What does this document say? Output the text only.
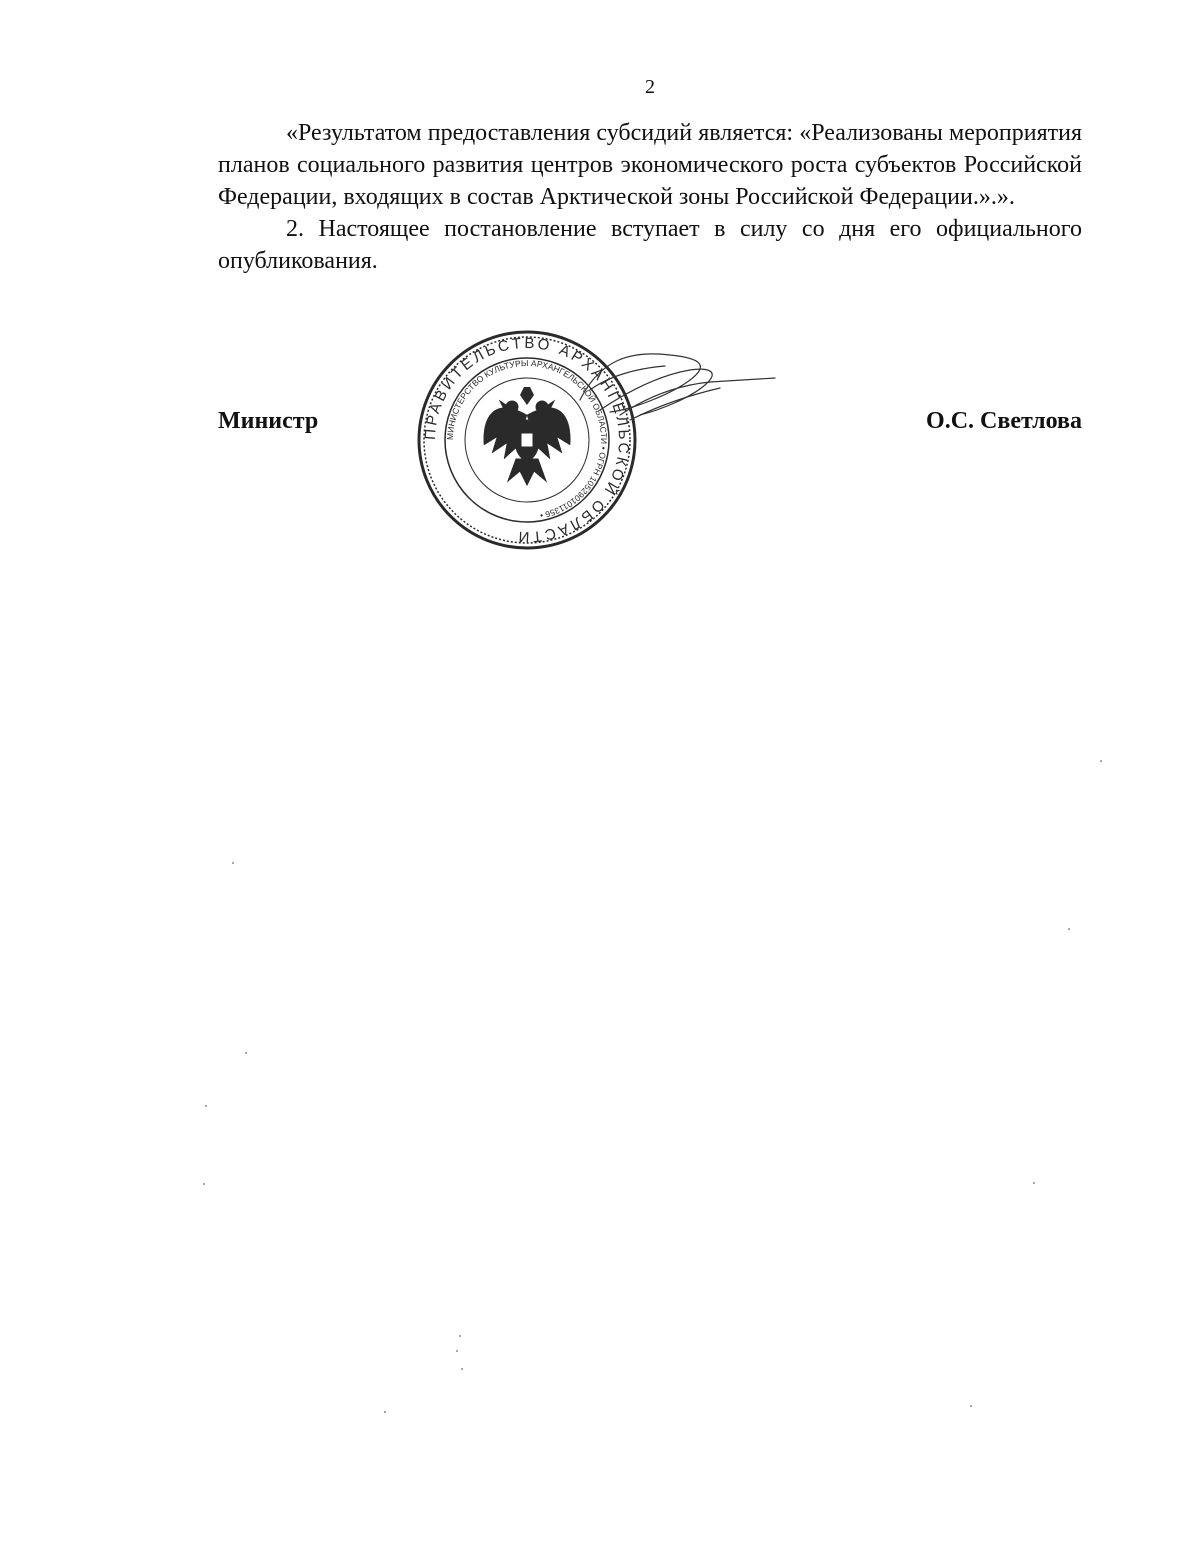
2

«Результатом предоставления субсидий является: «Реализованы мероприятия планов социального развития центров экономического роста субъектов Российской Федерации, входящих в состав Арктической зоны Российской Федерации.».».

2. Настоящее постановление вступает в силу со дня его официального опубликования.

Министр	О.С. Светлова
ПРАВИТЕЛЬСТВО АРХАНГЕЛЬСКОЙ ОБЛАСТИ
МИНИСТЕРСТВО КУЛЬТУРЫ АРХАНГЕЛЬСКОЙ ОБЛАСТИ • ОГРН 1052901011356 •
